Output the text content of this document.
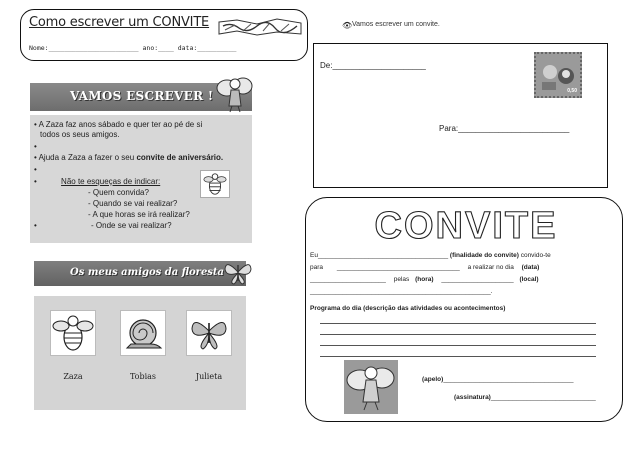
Como escrever um CONVITE
Nome:_______________________ ano:____ data:__________
VAMOS ESCREVER !
• A Zaza faz anos sábado e quer ter ao pé de si
todos os seus amigos.
•
• Ajuda a Zaza a fazer o seu convite de aniversário.
•
•	Não te esqueças de indicar:
- Quem convida?
- Quando se vai realizar?
- A que horas se irá realizar?
•	- Onde se vai realizar?
Os meus amigos da floresta
Zaza	Tobias	Julieta
👁 Vamos escrever um convite.
De:_____________________
0,50
Para:_________________________
CONVITE
Eu____________________________________ (finalidade do convite) convido-te
para __________________________________ a realizar no dia (data)
_____________________ pelas (hora) ____________________ (local)
__________________________________________________.
Programa do dia (descrição das atividades ou acontecimentos)
(apelo)____________________________________
(assinatura)_____________________________
